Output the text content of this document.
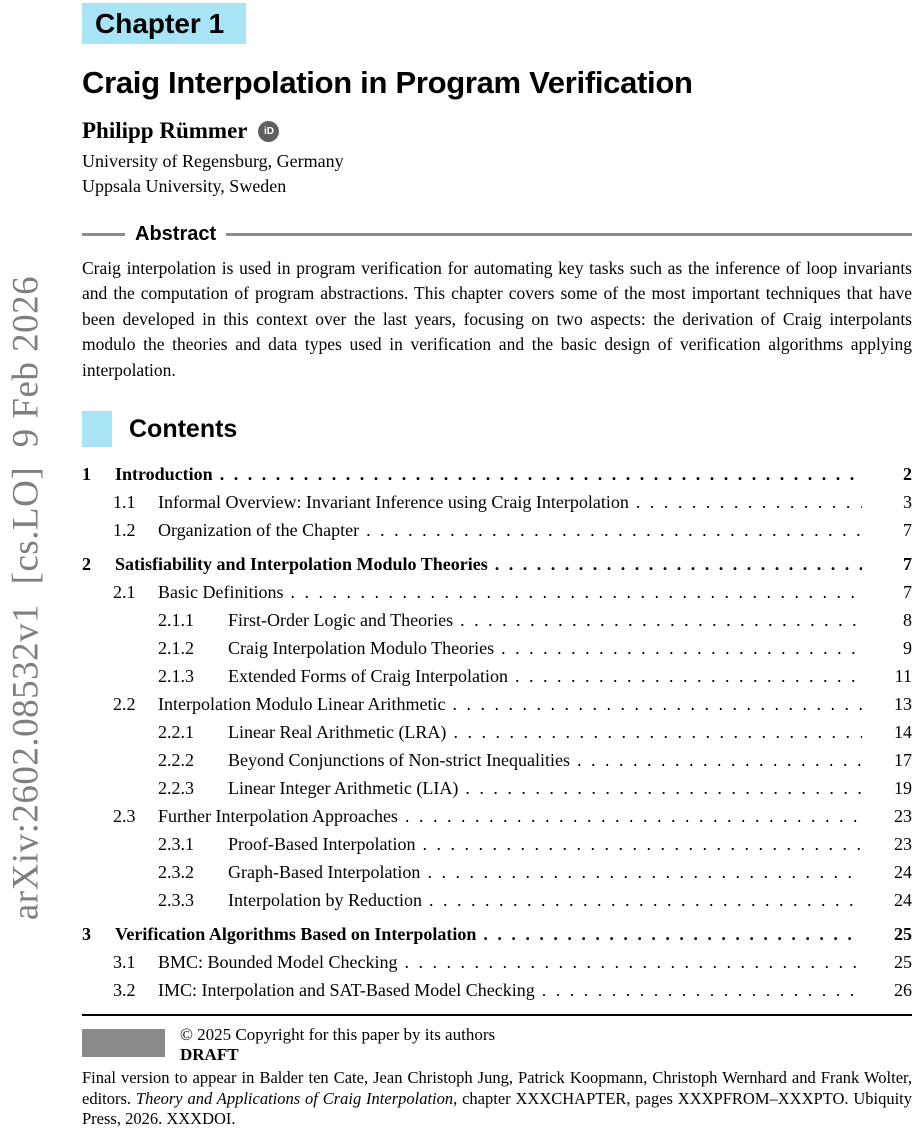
arXiv:2602.08532v1  [cs.LO]  9 Feb 2026
Chapter 1
Craig Interpolation in Program Verification
Philipp Rümmer iD
University of Regensburg, Germany
Uppsala University, Sweden
Abstract

Craig interpolation is used in program verification for automating key tasks such as the inference of loop invariants and the computation of program abstractions. This chapter covers some of the most important techniques that have been developed in this context over the last years, focusing on two aspects: the derivation of Craig interpolants modulo the theories and data types used in verification and the basic design of verification algorithms applying interpolation.

Contents
1	Introduction .....	2
1.1	Informal Overview: Invariant Inference using Craig Interpolation .....	3
1.2	Organization of the Chapter .....	7
2	Satisfiability and Interpolation Modulo Theories .....	7
2.1	Basic Definitions .....	7
2.1.1	First-Order Logic and Theories .....	8
2.1.2	Craig Interpolation Modulo Theories .....	9
2.1.3	Extended Forms of Craig Interpolation .....	11
2.2	Interpolation Modulo Linear Arithmetic .....	13
2.2.1	Linear Real Arithmetic (LRA) .....	14
2.2.2	Beyond Conjunctions of Non-strict Inequalities .....	17
2.2.3	Linear Integer Arithmetic (LIA) .....	19
2.3	Further Interpolation Approaches .....	23
2.3.1	Proof-Based Interpolation .....	23
2.3.2	Graph-Based Interpolation .....	24
2.3.3	Interpolation by Reduction .....	24
3	Verification Algorithms Based on Interpolation .....	25
3.1	BMC: Bounded Model Checking .....	25
3.2	IMC: Interpolation and SAT-Based Model Checking .....	26
© 2025 Copyright for this paper by its authors
DRAFT

Final version to appear in Balder ten Cate, Jean Christoph Jung, Patrick Koopmann, Christoph Wernhard and Frank Wolter, editors. Theory and Applications of Craig Interpolation, chapter XXXCHAPTER, pages XXXPFROM–XXXPTO. Ubiquity Press, 2026. XXXDOI.
